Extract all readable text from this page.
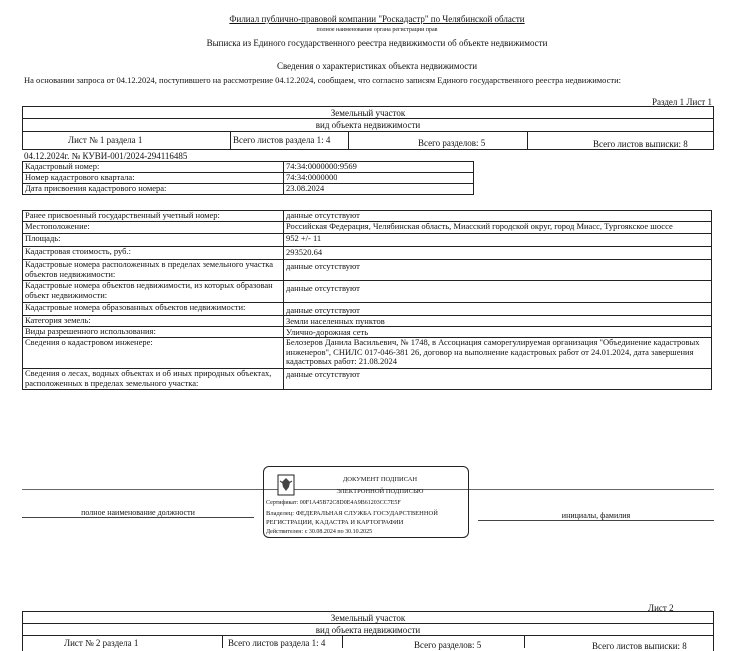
Филиал публично-правовой компании "Роскадастр" по Челябинской области
полное наименование органа регистрации прав
Выписка из Единого государственного реестра недвижимости об объекте недвижимости
Сведения о характеристиках объекта недвижимости
На основании запроса от 04.12.2024, поступившего на рассмотрение 04.12.2024, сообщаем, что согласно записям Единого государственного реестра недвижимости:
Раздел 1 Лист 1
Земельный участок
вид объекта недвижимости
Лист № 1 раздела 1	Всего листов раздела 1: 4	Всего разделов: 5	Всего листов выписки: 8
04.12.2024г. № КУВИ-001/2024-294116485
Кадастровый номер:	74:34:0000000:9569
Номер кадастрового квартала:	74:34:0000000
Дата присвоения кадастрового номера:	23.08.2024
Ранее присвоенный государственный учетный номер:	данные отсутствуют
Местоположение:	Российская Федерация, Челябинская область, Миасский городской округ, город Миасс, Тургоякское шоссе
Площадь:	952 +/- 11
Кадастровая стоимость, руб.:	293520.64
Кадастровые номера расположенных в пределах земельного участка объектов недвижимости:
данные отсутствуют
Кадастровые номера объектов недвижимости, из которых образован объект недвижимости:
данные отсутствуют
Кадастровые номера образованных объектов недвижимости:	данные отсутствуют
Категория земель:	Земли населенных пунктов
Виды разрешенного использования:	Улично-дорожная сеть
Сведения о кадастровом инженере:	Белозеров Данила Васильевич, № 1748, в Ассоциация саморегулируемая организация "Объединение кадастровых инженеров", СНИЛС 017-046-381 26, договор на выполнение кадастровых работ от 24.01.2024, дата завершения кадастровых работ: 21.08.2024
Сведения о лесах, водных объектах и об иных природных объектах, расположенных в пределах земельного участка:
данные отсутствуют
ДОКУМЕНТ ПОДПИСАН
ЭЛЕКТРОННОЙ ПОДПИСЬЮ
Сертификат: 00F1A45B72C8D0E4A9B61203CC7E5F
Владелец: ФЕДЕРАЛЬНАЯ СЛУЖБА ГОСУДАРСТВЕННОЙ
РЕГИСТРАЦИИ, КАДАСТРА И КАРТОГРАФИИ
Действителен: с 30.08.2024 по 30.10.2025
полное наименование должности	инициалы, фамилия
Лист 2
Земельный участок
вид объекта недвижимости
Лист № 2 раздела 1	Всего листов раздела 1: 4	Всего разделов: 5	Всего листов выписки: 8
